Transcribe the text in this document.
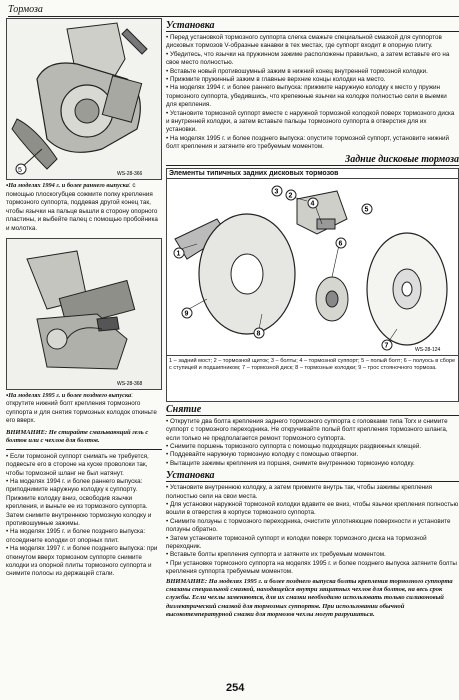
Тормоза
5	WS-28-366

▪На моделях 1994 г. и более раннего выпуска: с помощью плоскогубцев сожмите полку крепления тормозного суппорта, поддевая другой конец так, чтобы язычки на пальце вышли в сторону опорного пластины, и выбейте палец с помощью пробойника и молотка.

WS-28-368

▪На моделях 1995 г. и более позднего выпуска: открутите нижний болт крепления тормозного суппорта и для снятия тормозных колодок откиньте его вверх.

ВНИМАНИЕ: Не стирайте смазывающий гель с болтов или с чехлов для болтов.

• Если тормозной суппорт снимать не требуется, подвесьте его в стороне на куске проволоки так, чтобы тормозной шланг не был натянут.

• На моделях 1994 г. и более раннего выпуска: приподнимите наружную колодку к суппорту. Прижмите колодку вниз, освободив язычки крепления, и выньте ее из тормозного суппорта. Затем снимите внутреннюю тормозную колодку и противошумные зажимы.

• На моделях 1995 г. и более позднего выпуска: отсоедините колодки от опорных плит.

• На моделях 1997 г. и более позднего выпуска: при откинутом вверх тормозном суппорте снимите колодки из опорной плиты тормозного суппорта и снимите полосы из держащей стали.

Установка

• Перед установкой тормозного суппорта слегка смажьте специальной смазкой для суппортов дисковых тормозов V-образные канавки в тех местах, где суппорт входит в опорную плиту.

• Убедитесь, что язычки на пружинном зажиме расположены правильно, а затем вставьте его на свое место полностью.

• Вставьте новый противошумный зажим в нижний конец внутренней тормозной колодки.

• Прижмите пружинный зажим в главные верхние концы колодки на место.

• На моделях 1994 г. и более раннего выпуска: прижмите наружную колодку к место у пружин тормозного суппорта, убедившись, что крепежные язычки на колодке полностью сели в выемки для крепления.

• Установите тормозной суппорт вместе с наружной тормозной колодкой поверх тормозного диска и внутренней колодки, а затем вставьте пальцы тормозного суппорта в отверстия для их установки.

• На моделях 1995 г. и более позднего выпуска: опустите тормозной суппорт, установите нижний болт крепления и затяните его требуемым моментом.

Задние дисковые тормоза
Элементы типичных задних дисковых тормозов
1
9
3
2
4
5
6
7
8
WS-28-124
1 – задний мост; 2 – тормозной щиток; 3 – болты; 4 – тормозной суппорт; 5 – полый болт; 6 – полуось в сборе с ступицей и подшипником; 7 – тормозной диск; 8 – тормозные колодки; 9 – трос стояночного тормоза.
Снятие

• Открутите два болта крепления заднего тормозного суппорта с головками типа Torx и снимите суппорт с тормозного переходника. Не откручивайте полый болт крепления тормозного шланга, если только не предполагается ремонт тормозного суппорта.

• Снимите поршень тормозного суппорта с помощью подходящих раздвижных клещей.

• Поддевайте наружную тормозную колодку с помощью отвертки.

• Вытащите зажимы крепления из поршня, снимите внутреннюю тормозную колодку.

Установка

• Установите внутреннюю колодку, а затем прижмите внутрь так, чтобы зажимы крепления полностью сели на свои места.

• Для установки наружной тормозной колодки вдавите ее вниз, чтобы язычки крепления полностью вошли в отверстия в корпусе тормозного суппорта.

• Снимите ползуны с тормозного переходника, очистите уплотняющие поверхности и установите ползуны обратно.

• Затем установите тормозной суппорт и колодки поверх тормозного диска на тормозной переходник.

• Вставьте болты крепления суппорта и затяните их требуемым моментом.

• При установке тормозного суппорта на моделях 1995 г. и более позднего выпуска затяните болты крепления суппорта требуемым моментом.

ВНИМАНИЕ: На моделях 1995 г. и более позднего выпуска болты крепления тормозного суппорта смазаны специальной смазкой, находящейся внутри защитных чехлов для болтов, на весь срок службы. Если чехлы заменяются, для их смазки необходимо использовать только силиконовый диэлектрический смазкой для тормозных суппортов. При использовании обычной высокотемпературной смазки для тормозов чехлы могут разрушиться.

254
